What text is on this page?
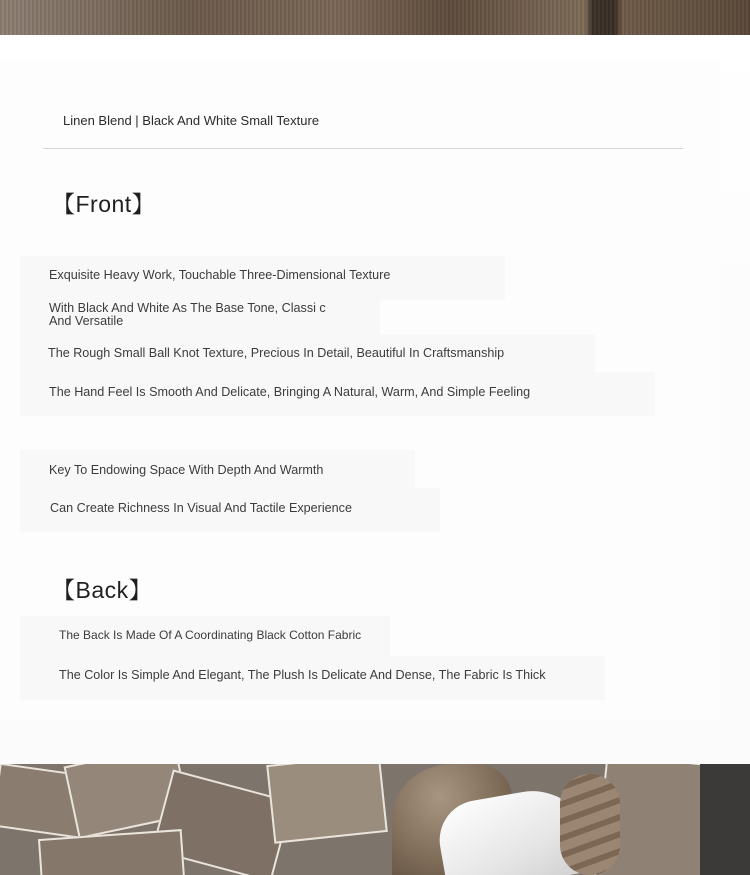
Linen Blend | Black And White Small Texture
【Front】
Exquisite Heavy Work, Touchable Three-Dimensional Texture
With Black And White As The Base Tone, Classi c And Versatile
The Rough Small Ball Knot Texture, Precious In Detail, Beautiful In Craftsmanship
The Hand Feel Is Smooth And Delicate, Bringing A Natural, Warm, And Simple Feeling
Key To Endowing Space With Depth And Warmth
Can Create Richness In Visual And Tactile Experience
【Back】
The Back Is Made Of A Coordinating Black Cotton Fabric
The Color Is Simple And Elegant, The Plush Is Delicate And Dense, The Fabric Is Thick
